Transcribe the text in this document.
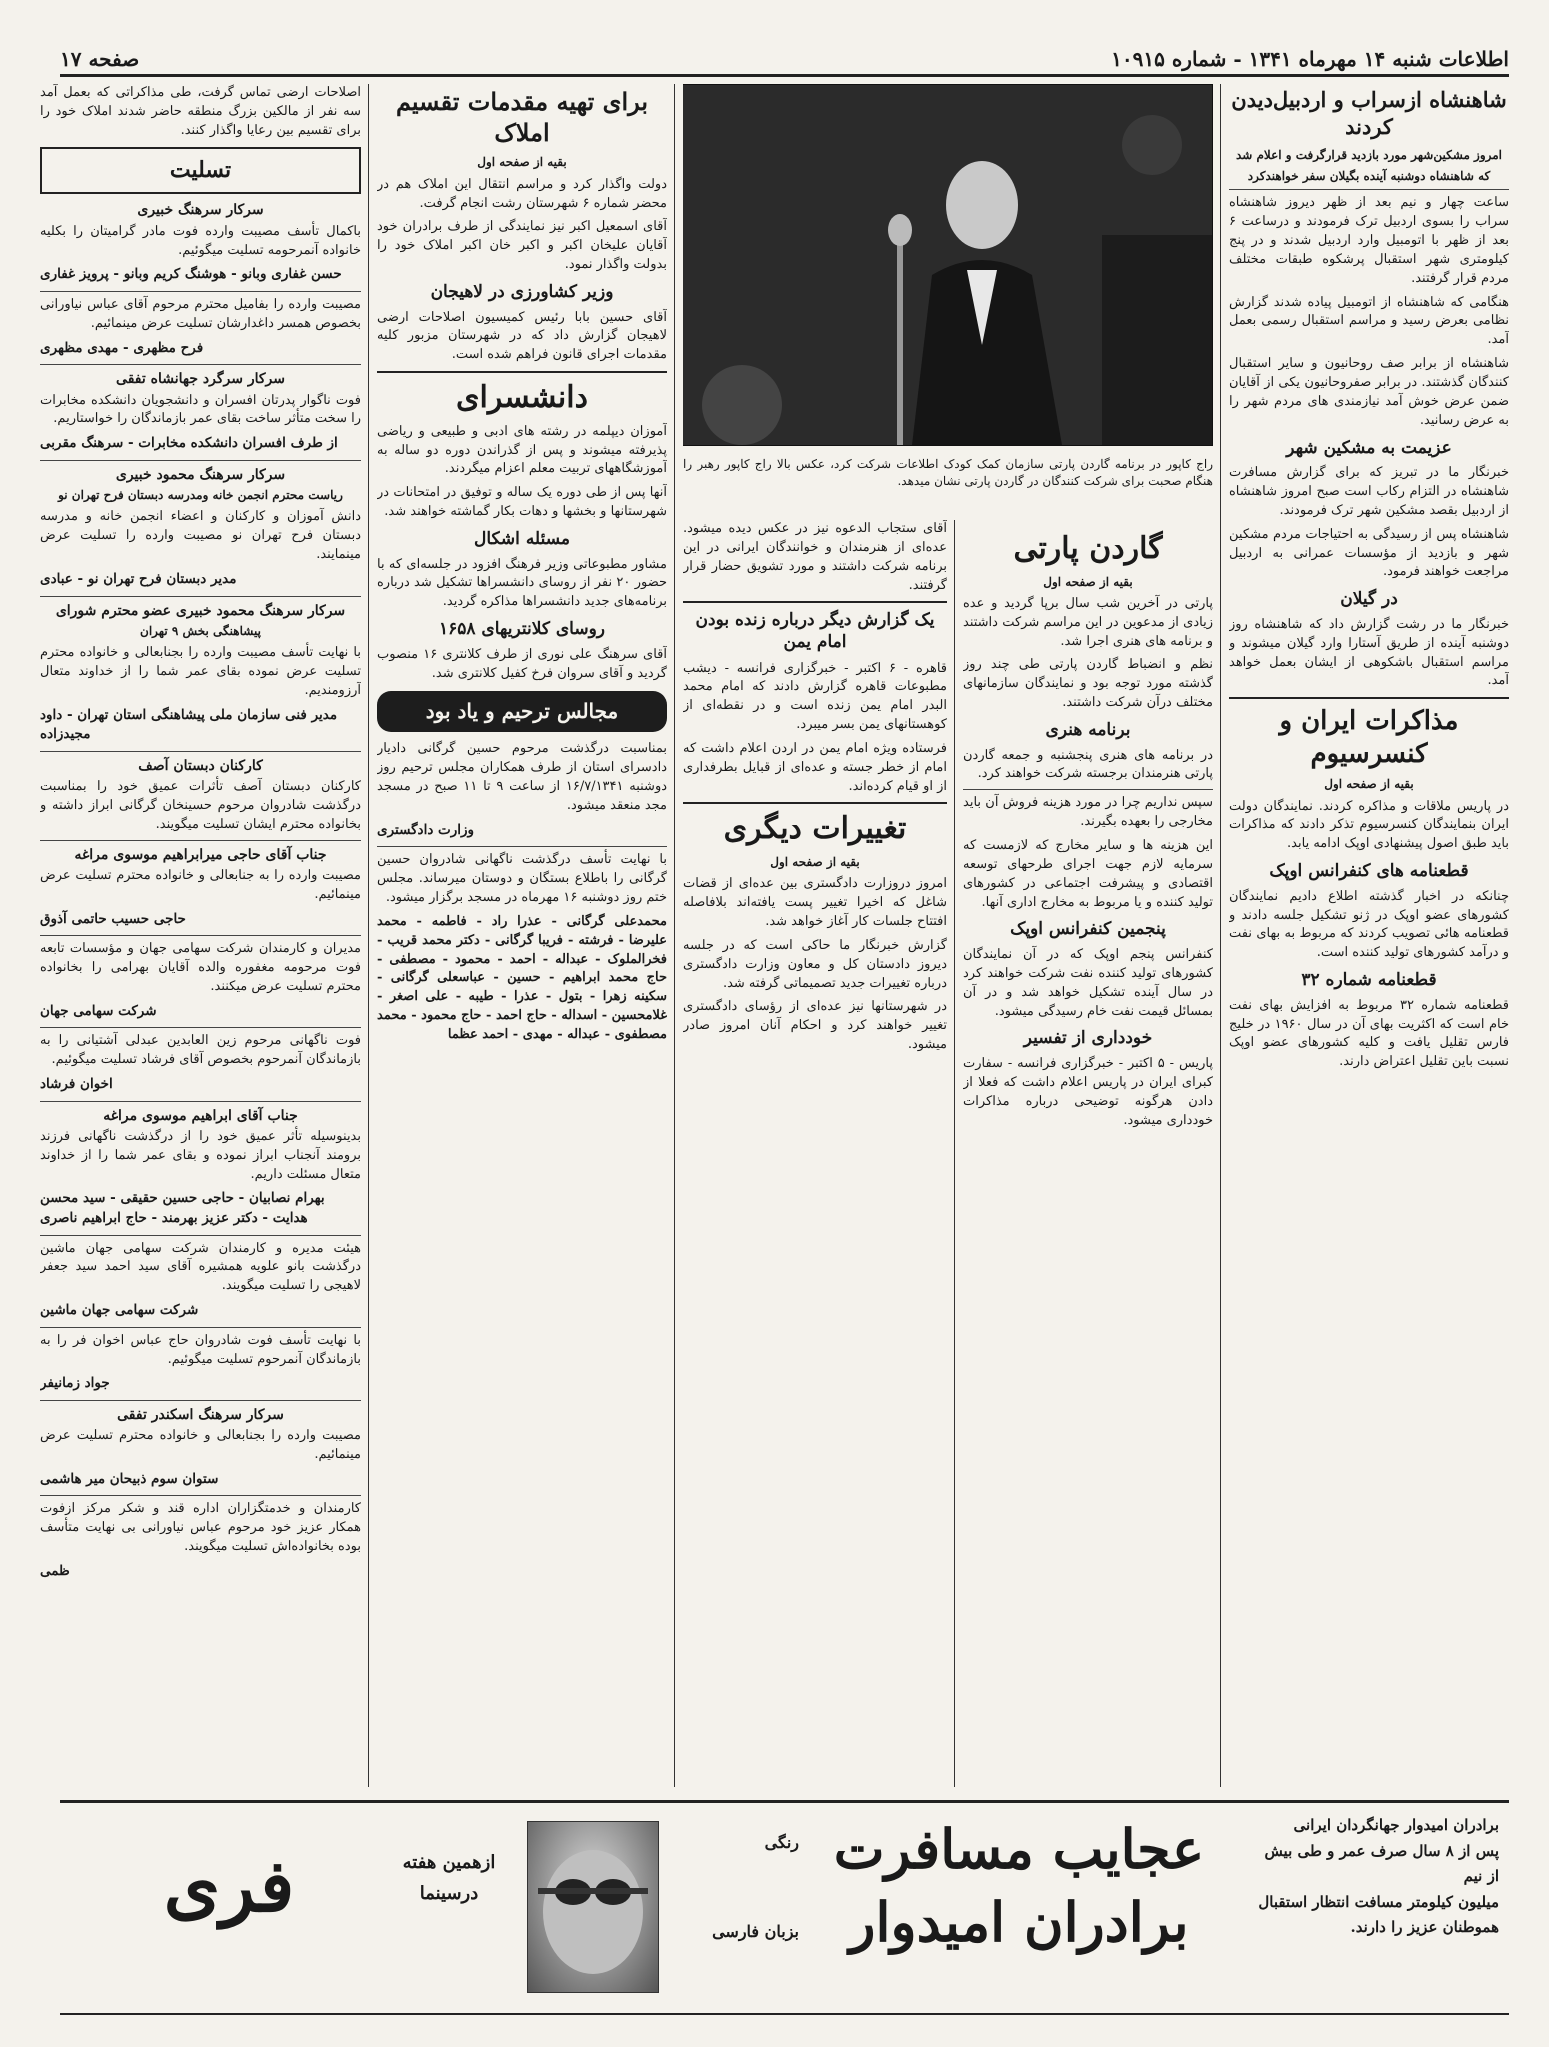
اطلاعات شنبه ۱۴ مهرماه ۱۳۴۱ - شماره ۱۰۹۱۵
صفحه ۱۷
شاهنشاه ازسراب و اردبیل‌دیدن کردند
امروز مشکین‌شهر مورد بازدید قرارگرفت و اعلام شد
که شاهنشاه دوشنبه آینده بگیلان سفر خواهندکرد

ساعت چهار و نیم بعد از ظهر دیروز شاهنشاه سراب را بسوی اردبیل ترک فرمودند و درساعت ۶ بعد از ظهر با اتومبیل وارد اردبیل شدند و در پنج کیلومتری شهر استقبال پرشکوه طبقات مختلف مردم قرار گرفتند.

هنگامی که شاهنشاه از اتومبیل پیاده شدند گزارش نظامی بعرض رسید و مراسم استقبال رسمی بعمل آمد.

شاهنشاه از برابر صف روحانیون و سایر استقبال کنندگان گذشتند. در برابر صفروحانیون یکی از آقایان ضمن عرض خوش آمد نیازمندی های مردم شهر را به عرض رسانید.

عزیمت به مشکین شهر

خبرنگار ما در تبریز که برای گزارش مسافرت شاهنشاه در التزام رکاب است صبح امروز شاهنشاه از اردبیل بقصد مشکین شهر ترک فرمودند.

شاهنشاه پس از رسیدگی به احتیاجات مردم مشکین شهر و بازدید از مؤسسات عمرانی به اردبیل مراجعت خواهند فرمود.

در گیلان

خبرنگار ما در رشت گزارش داد که شاهنشاه روز دوشنبه آینده از طریق آستارا وارد گیلان میشوند و مراسم استقبال باشکوهی از ایشان بعمل خواهد آمد.

مذاکرات ایران و کنسرسیوم
بقیه از صفحه اول

در پاریس ملاقات و مذاکره کردند. نمایندگان دولت ایران بنمایندگان کنسرسیوم تذکر دادند که مذاکرات باید طبق اصول پیشنهادی اوپک ادامه یابد.

قطعنامه های کنفرانس اوپک

چنانکه در اخبار گذشته اطلاع دادیم نمایندگان کشورهای عضو اوپک در ژنو تشکیل جلسه دادند و قطعنامه هائی تصویب کردند که مربوط به بهای نفت و درآمد کشورهای تولید کننده است.

قطعنامه شماره ۳۲

قطعنامه شماره ۳۲ مربوط به افزایش بهای نفت خام است که اکثریت بهای آن در سال ۱۹۶۰ در خلیج فارس تقلیل یافت و کلیه کشورهای عضو اوپک نسبت باین تقلیل اعتراض دارند.

گاردن پارتی
بقیه از صفحه اول

پارتی در آخرین شب سال برپا گردید و عده زیادی از مدعوین در این مراسم شرکت داشتند و برنامه های هنری اجرا شد.

نظم و انضباط گاردن پارتی طی چند روز گذشته مورد توجه بود و نمایندگان سازمانهای مختلف درآن شرکت داشتند.

برنامه هنری

در برنامه های هنری پنجشنبه و جمعه گاردن پارتی هنرمندان برجسته شرکت خواهند کرد.

سپس نداریم چرا در مورد هزینه فروش آن باید مخارجی را بعهده بگیرند.

این هزینه ها و سایر مخارج که لازمست که سرمایه لازم جهت اجرای طرحهای توسعه اقتصادی و پیشرفت اجتماعی در کشورهای تولید کننده و یا مربوط به مخارج اداری آنها.

پنجمین کنفرانس اوپک

کنفرانس پنجم اوپک که در آن نمایندگان کشورهای تولید کننده نفت شرکت خواهند کرد در سال آینده تشکیل خواهد شد و در آن بمسائل قیمت نفت خام رسیدگی میشود.

خودداری از تفسیر

پاریس - ۵ اکتبر - خبرگزاری فرانسه - سفارت کبرای ایران در پاریس اعلام داشت که فعلا از دادن هرگونه توضیحی درباره مذاکرات خودداری میشود.

راج کاپور در برنامه گاردن پارتی سازمان کمک کودک اطلاعات شرکت کرد، عکس بالا راج کاپور رهبر را هنگام صحبت برای شرکت کنندگان در گاردن پارتی نشان میدهد.

آقای ستجاب الدعوه نیز در عکس دیده میشود. عده‌ای از هنرمندان و خوانندگان ایرانی در این برنامه شرکت داشتند و مورد تشویق حضار قرار گرفتند.

یک گزارش دیگر درباره زنده بودن امام یمن

قاهره - ۶ اکتبر - خبرگزاری فرانسه - دیشب مطبوعات قاهره گزارش دادند که امام محمد البدر امام یمن زنده است و در نقطه‌ای از کوهستانهای یمن بسر میبرد.

فرستاده ویژه امام یمن در اردن اعلام داشت که امام از خطر جسته و عده‌ای از قبایل بطرفداری از او قیام کرده‌اند.

تغییرات دیگری
بقیه از صفحه اول

امروز دروزارت دادگستری بین عده‌ای از قضات شاغل که اخیرا تغییر پست یافته‌اند بلافاصله افتتاح جلسات کار آغاز خواهد شد.

گزارش خبرنگار ما حاکی است که در جلسه دیروز دادستان کل و معاون وزارت دادگستری درباره تغییرات جدید تصمیماتی گرفته شد.

در شهرستانها نیز عده‌ای از رؤسای دادگستری تغییر خواهند کرد و احکام آنان امروز صادر میشود.

برای تهیه مقدمات تقسیم املاک
بقیه از صفحه اول

دولت واگذار کرد و مراسم انتقال این املاک هم در محضر شماره ۶ شهرستان رشت انجام گرفت.

آقای اسمعیل اکبر نیز نمایندگی از طرف برادران خود آقایان علیخان اکبر و اکبر خان اکبر املاک خود را بدولت واگذار نمود.

وزیر کشاورزی در لاهیجان

آقای حسین بابا رئیس کمیسیون اصلاحات ارضی لاهیجان گزارش داد که در شهرستان مزبور کلیه مقدمات اجرای قانون فراهم شده است.

دانشسرای

آموزان دیپلمه در رشته های ادبی و طبیعی و ریاضی پذیرفته میشوند و پس از گذراندن دوره دو ساله به آموزشگاههای تربیت معلم اعزام میگردند.

آنها پس از طی دوره یک ساله و توفیق در امتحانات در شهرستانها و بخشها و دهات بکار گماشته خواهند شد.

مسئله اشکال

مشاور مطبوعاتی وزیر فرهنگ افزود در جلسه‌ای که با حضور ۲۰ نفر از روسای دانشسراها تشکیل شد درباره برنامه‌های جدید دانشسراها مذاکره گردید.

روسای کلانتریهای ۱۶۵۸

آقای سرهنگ علی نوری از طرف کلانتری ۱۶ منصوب گردید و آقای سروان فرخ کفیل کلانتری شد.

مجالس ترحیم و یاد بود

بمناسبت درگذشت مرحوم حسین گرگانی دادیار دادسرای استان از طرف همکاران مجلس ترحیم روز دوشنبه ۱۶/۷/۱۳۴۱ از ساعت ۹ تا ۱۱ صبح در مسجد مجد منعقد میشود.

وزارت دادگستری

با نهایت تأسف درگذشت ناگهانی شادروان حسین گرگانی را باطلاع بستگان و دوستان میرساند. مجلس ختم روز دوشنبه ۱۶ مهرماه در مسجد برگزار میشود.

محمدعلی گرگانی - عذرا راد - فاطمه - محمد علیرضا - فرشته - فریبا گرگانی - دکتر محمد قریب - فخرالملوک - عبداله - احمد - محمود - مصطفی - حاج محمد ابراهیم - حسین - عباسعلی گرگانی - سکینه زهرا - بتول - عذرا - طیبه - علی اصغر - غلامحسین - اسداله - حاج احمد - حاج محمود - محمد مصطفوی - عبداله - مهدی - احمد عظما

اصلاحات ارضی تماس گرفت، طی مذاکراتی که بعمل آمد سه نفر از مالکین بزرگ منطقه حاضر شدند املاک خود را برای تقسیم بین رعایا واگذار کنند.

تسلیت
سرکار سرهنگ خبیری

باکمال تأسف مصیبت وارده فوت مادر گرامیتان را بکلیه خانواده آنمرحومه تسلیت میگوئیم.

حسن غفاری وبانو - هوشنگ کریم وبانو - پرویز غفاری

مصیبت وارده را بفامیل محترم مرحوم آقای عباس نیاورانی بخصوص همسر داغدارشان تسلیت عرض مینمائیم.

فرح مظهری - مهدی مظهری
سرکار سرگرد جهانشاه تفقی

فوت ناگوار پدرتان افسران و دانشجویان دانشکده مخابرات را سخت متأثر ساخت بقای عمر بازماندگان را خواستاریم.

از طرف افسران دانشکده مخابرات - سرهنگ مقربی
سرکار سرهنگ محمود خبیری
ریاست محترم انجمن خانه ومدرسه دبستان فرح تهران نو

دانش آموزان و کارکنان و اعضاء انجمن خانه و مدرسه دبستان فرح تهران نو مصیبت وارده را تسلیت عرض مینمایند.

مدیر دبستان فرح تهران نو - عبادی
سرکار سرهنگ محمود خبیری عضو محترم شورای
پیشاهنگی بخش ۹ تهران

با نهایت تأسف مصیبت وارده را بجنابعالی و خانواده محترم تسلیت عرض نموده بقای عمر شما را از خداوند متعال آرزومندیم.

مدیر فنی سازمان ملی پیشاهنگی استان تهران - داود مجیدزاده
کارکنان دبستان آصف

کارکنان دبستان آصف تأثرات عمیق خود را بمناسبت درگذشت شادروان مرحوم حسینخان گرگانی ابراز داشته و بخانواده محترم ایشان تسلیت میگویند.

جناب آقای حاجی میرابراهیم موسوی مراغه

مصیبت وارده را به جنابعالی و خانواده محترم تسلیت عرض مینمائیم.

حاجی حسیب حاتمی آذوق

مدیران و کارمندان شرکت سهامی جهان و مؤسسات تابعه فوت مرحومه مغفوره والده آقایان بهرامی را بخانواده محترم تسلیت عرض میکنند.

شرکت سهامی جهان

فوت ناگهانی مرحوم زین العابدین عبدلی آشتیانی را به بازماندگان آنمرحوم بخصوص آقای فرشاد تسلیت میگوئیم.

اخوان فرشاد
جناب آقای ابراهیم موسوی مراغه

بدینوسیله تأثر عمیق خود را از درگذشت ناگهانی فرزند برومند آنجناب ابراز نموده و بقای عمر شما را از خداوند متعال مسئلت داریم.

بهرام نصابیان - حاجی حسین حقیقی - سید محسن هدایت - دکتر عزیز بهرمند - حاج ابراهیم ناصری

هیئت مدیره و کارمندان شرکت سهامی جهان ماشین درگذشت بانو علویه همشیره آقای سید احمد سید جعفر لاهیجی را تسلیت میگویند.

شرکت سهامی جهان ماشین

با نهایت تأسف فوت شادروان حاج عباس اخوان فر را به بازماندگان آنمرحوم تسلیت میگوئیم.

جواد زمانیفر
سرکار سرهنگ اسکندر تفقی

مصیبت وارده را بجنابعالی و خانواده محترم تسلیت عرض مینمائیم.

ستوان سوم ذبیحان میر هاشمی

کارمندان و خدمتگزاران اداره قند و شکر مرکز ازفوت همکار عزیز خود مرحوم عباس نیاورانی بی نهایت متأسف بوده بخانواده‌اش تسلیت میگویند.

ظمی
برادران امیدوار جهانگردان ایرانی
پس از ۸ سال صرف عمر و طی بیش از نیم
میلیون کیلومتر مسافت انتظار استقبال
هموطنان عزیز را دارند.
عجایب مسافرت
برادران امیدوار
رنگی
بزبان فارسی
ازهمین هفته
درسینما
فری
